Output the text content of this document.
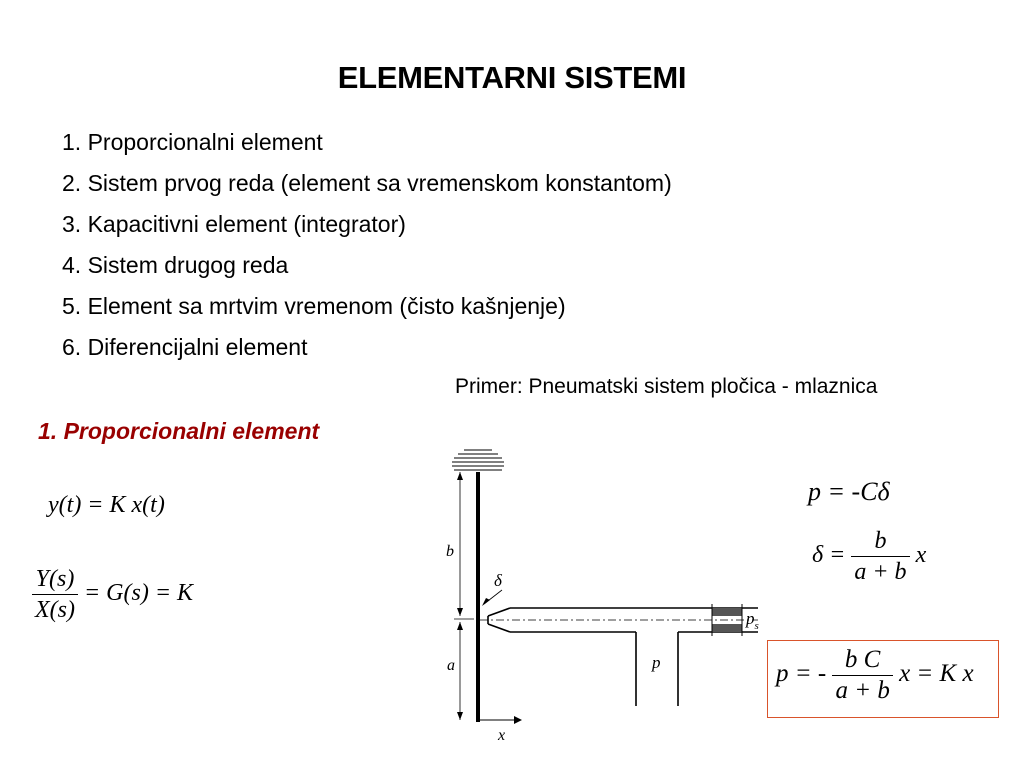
ELEMENTARNI SISTEMI
1. Proporcionalni element
2. Sistem prvog reda (element sa vremenskom konstantom)
3. Kapacitivni element (integrator)
4. Sistem drugog reda
5. Element sa mrtvim vremenom (čisto kašnjenje)
6. Diferencijalni element
Primer: Pneumatski sistem pločica - mlaznica
1. Proporcionalni element
y(t) = K x(t)
$\frac{Y(s)}{X(s)} = G(s) = K$
p = -Cδ
$\delta = \frac{b}{a + b}$ x
p = - $\frac{\text{b C}}{a + b}$ x = K x
x
b
a
δ
p
$p_s$
